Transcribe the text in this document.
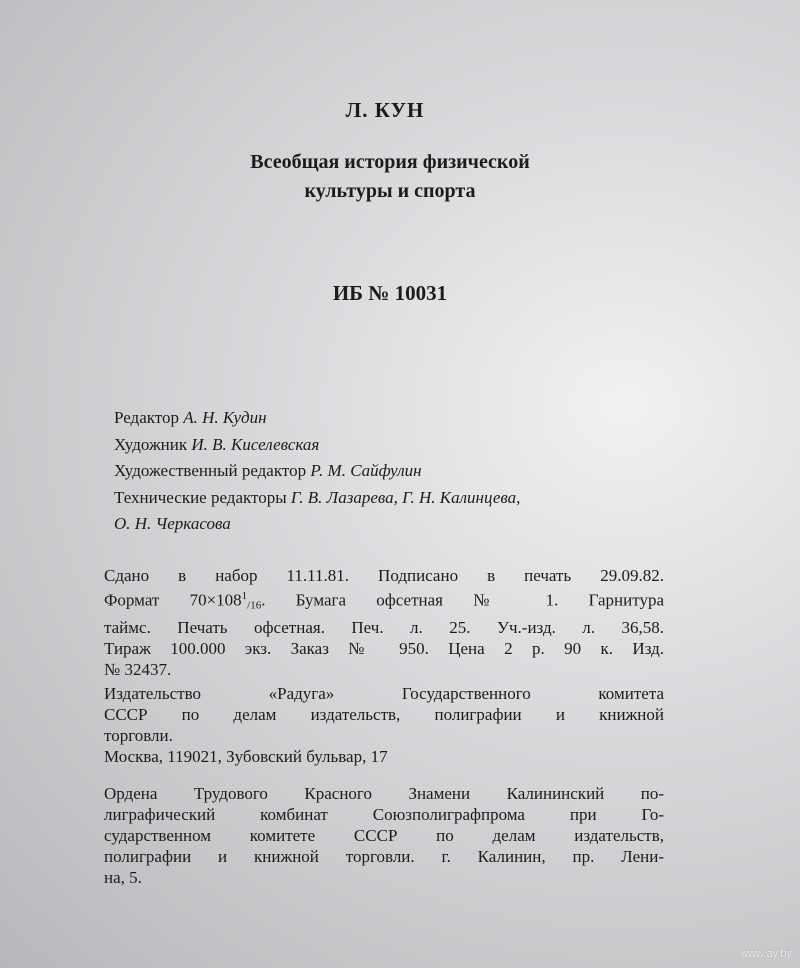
Л. КУН
Всеобщая история физической
культуры и спорта
ИБ № 10031
Редактор А. Н. Кудин
Художник И. В. Киселевская
Художественный редактор Р. М. Сайфулин
Технические редакторы Г. В. Лазарева, Г. Н. Калинцева,
О. Н. Черкасова
Сдано в набор 11.11.81. Подписано в печать 29.09.82.
Формат $70\times 108^1_{/16}$. Бумага офсетная № 1. Гарнитура
таймс. Печать офсетная. Печ. л. 25. Уч.-изд. л. 36,58.
Тираж 100.000 экз. Заказ № 950. Цена 2 р. 90 к. Изд.
№ 32437.
Издательство «Радуга» Государственного комитета
СССР по делам издательств, полиграфии и книжной
торговли.
Москва, 119021, Зубовский бульвар, 17
Ордена Трудового Красного Знамени Калининский по-
лиграфический комбинат Союзполиграфпрома при Го-
сударственном комитете СССР по делам издательств,
полиграфии и книжной торговли. г. Калинин, пр. Лени-
на, 5.
www.ay.by
